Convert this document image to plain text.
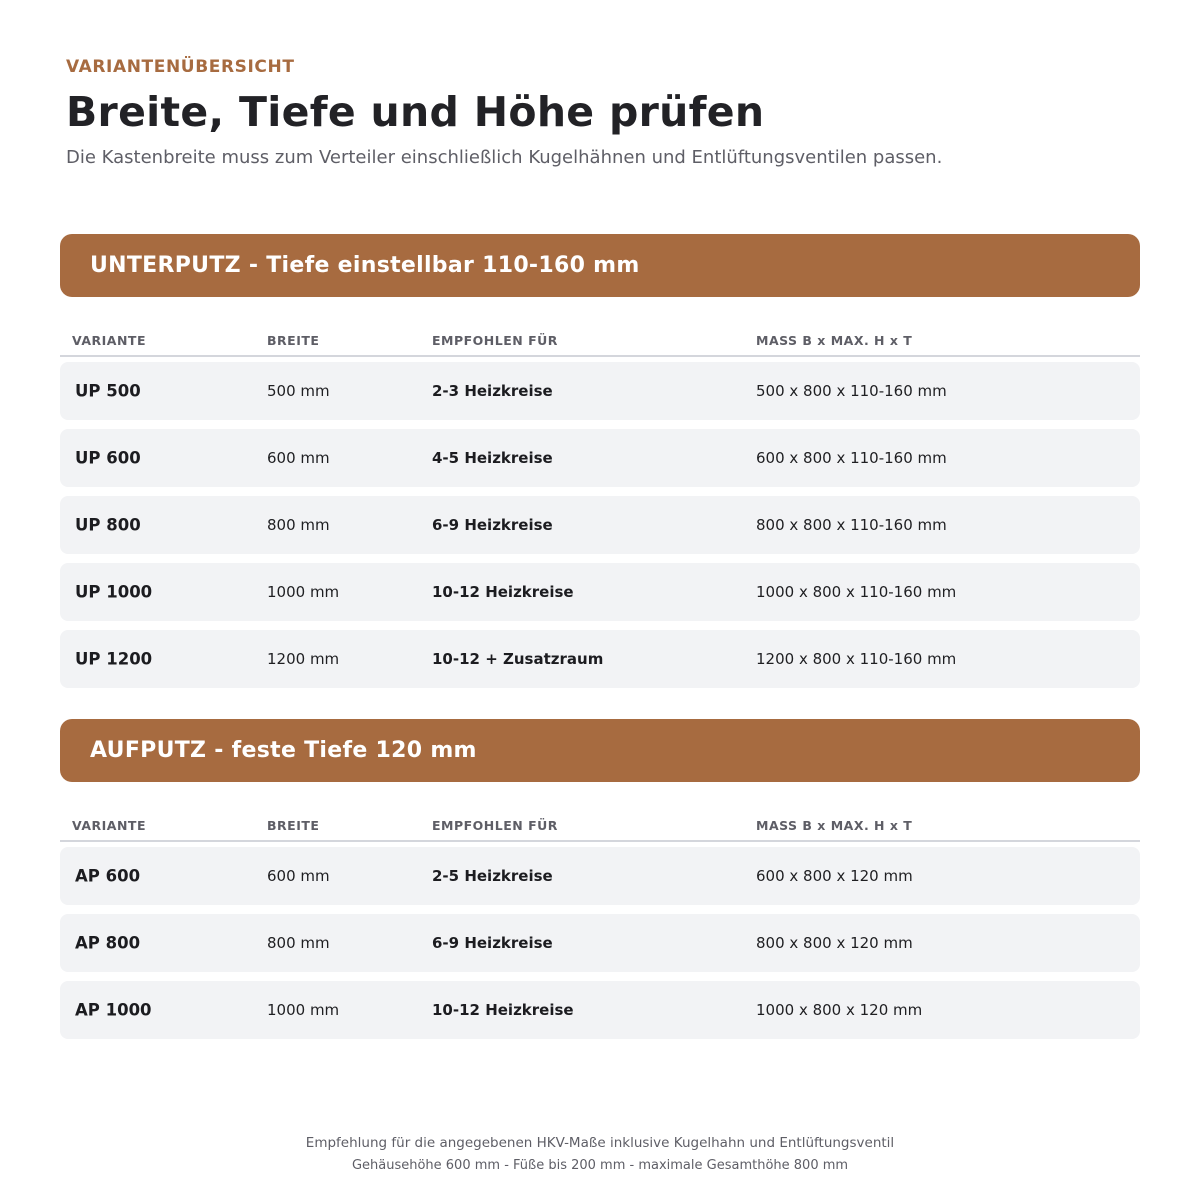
VARIANTENÜBERSICHT
Breite, Tiefe und Höhe prüfen
Die Kastenbreite muss zum Verteiler einschließlich Kugelhähnen und Entlüftungsventilen passen.
UNTERPUTZ - Tiefe einstellbar 110-160 mm
VARIANTE	BREITE	EMPFOHLEN FÜR	MASS B x MAX. H x T
UP 500	500 mm	2-3 Heizkreise	500 x 800 x 110-160 mm
UP 600	600 mm	4-5 Heizkreise	600 x 800 x 110-160 mm
UP 800	800 mm	6-9 Heizkreise	800 x 800 x 110-160 mm
UP 1000	1000 mm	10-12 Heizkreise	1000 x 800 x 110-160 mm
UP 1200	1200 mm	10-12 + Zusatzraum	1200 x 800 x 110-160 mm
AUFPUTZ - feste Tiefe 120 mm
VARIANTE	BREITE	EMPFOHLEN FÜR	MASS B x MAX. H x T
AP 600	600 mm	2-5 Heizkreise	600 x 800 x 120 mm
AP 800	800 mm	6-9 Heizkreise	800 x 800 x 120 mm
AP 1000	1000 mm	10-12 Heizkreise	1000 x 800 x 120 mm
Empfehlung für die angegebenen HKV-Maße inklusive Kugelhahn und Entlüftungsventil
Gehäusehöhe 600 mm - Füße bis 200 mm - maximale Gesamthöhe 800 mm
